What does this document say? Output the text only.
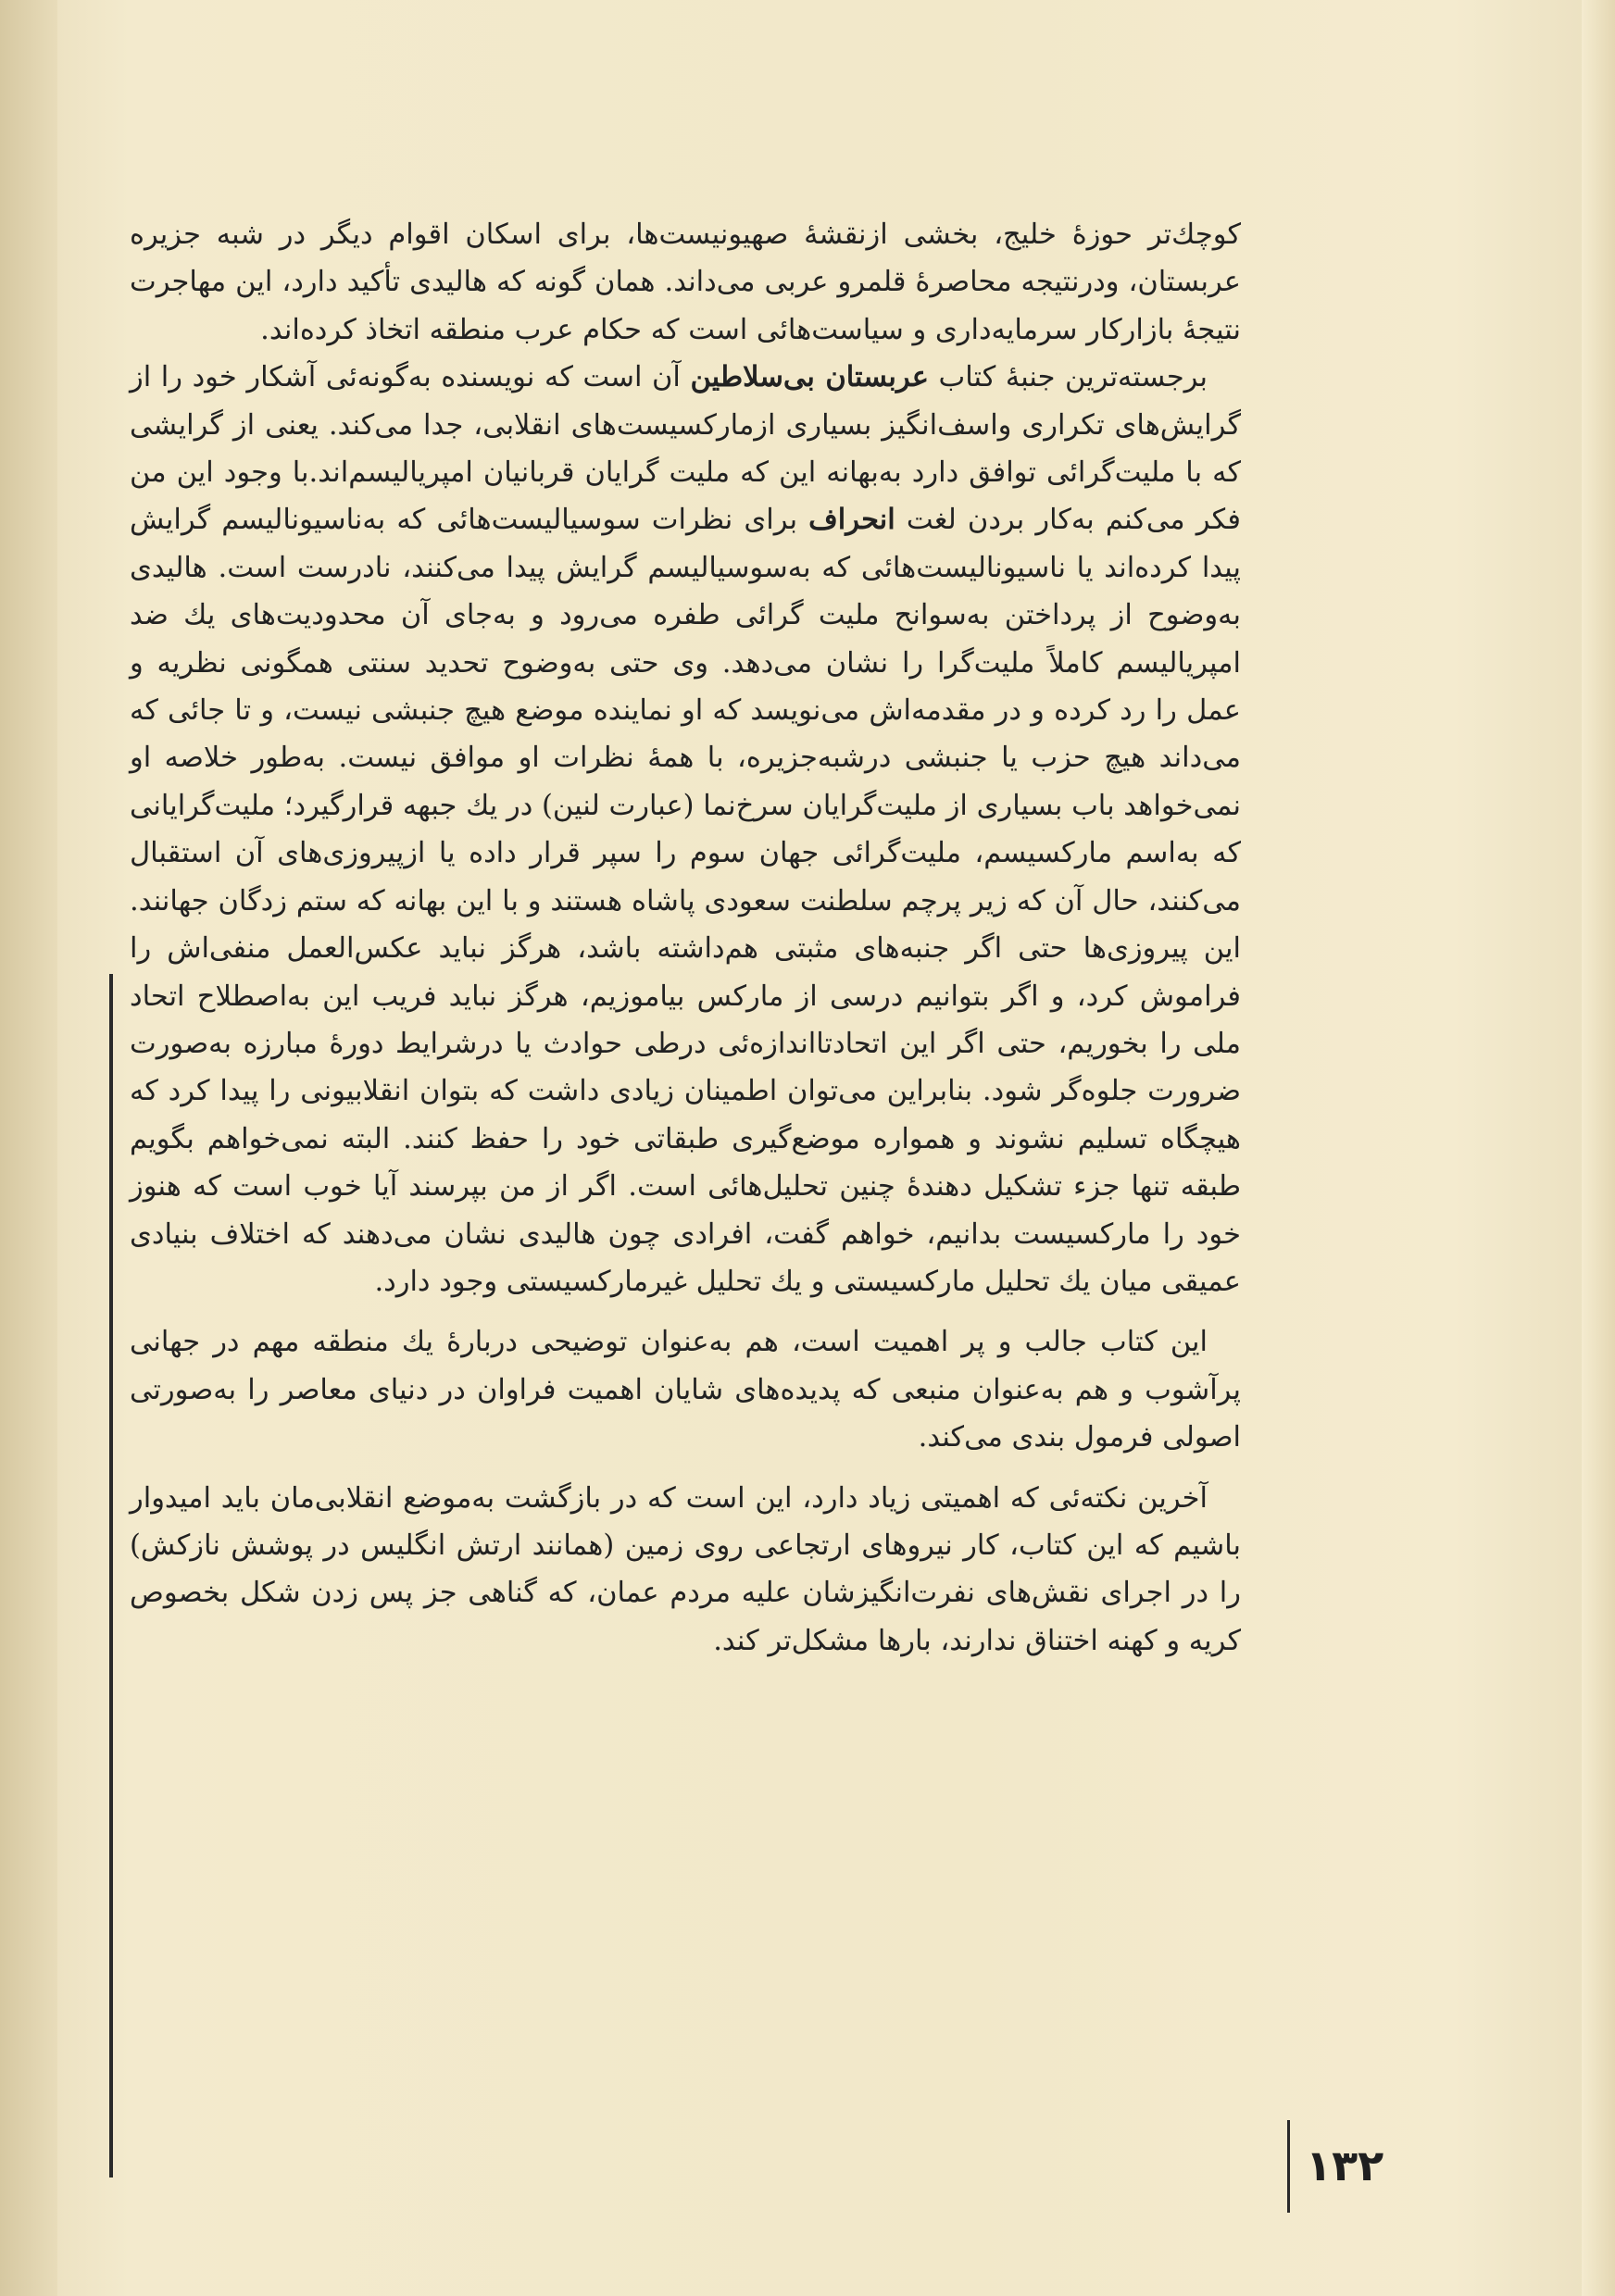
کوچك‌تر حوزهٔ خلیج، بخشی ازنقشهٔ صهیونیست‌ها، برای اسکان اقوام دیگر در شبه جزیره عربستان، ودرنتیجه محاصرهٔ قلمرو عربی می‌داند. همان گونه که هالیدی تأکید دارد، این مهاجرت نتیجهٔ بازارکار سرمایه‌داری و سیاست‌هائی است که حکام عرب منطقه اتخاذ کرده‌اند.

برجسته‌ترین جنبهٔ کتاب عربستان بی‌سلاطین آن است که نویسنده به‌گونه‌ئی آشکار خود را از گرایش‌های تکراری واسف‌انگیز بسیاری ازمارکسیست‌های انقلابی، جدا می‌کند. یعنی از گرایشی که با ملیت‌گرائی توافق دارد به‌بهانه این که ملیت گرایان قربانیان امپریالیسم‌اند.با وجود این من فکر می‌کنم به‌کار بردن لغت انحراف برای نظرات سوسیالیست‌هائی که به‌ناسیونالیسم گرایش پیدا کرده‌اند یا ناسیونالیست‌هائی که به‌سوسیالیسم گرایش پیدا می‌کنند، نادرست است. هالیدی به‌وضوح از پرداختن به‌سوانح ملیت گرائی طفره می‌رود و به‌جای آن محدودیت‌های یك ضد امپریالیسم کاملاً ملیت‌گرا را نشان می‌دهد. وی حتی به‌وضوح تحدید سنتی همگونی نظریه و عمل را رد کرده و در مقدمه‌اش می‌نویسد که او نماینده موضع هیچ جنبشی نیست، و تا جائی که می‌داند هیچ حزب یا جنبشی درشبه‌جزیره، با همهٔ نظرات او موافق نیست. به‌طور خلاصه او نمی‌خواهد باب بسیاری از ملیت‌گرایان سرخ‌نما (عبارت لنین) در یك جبهه قرارگیرد؛ ملیت‌گرایانی که به‌اسم مارکسیسم، ملیت‌گرائی جهان سوم را سپر قرار داده یا ازپیروزی‌های آن استقبال می‌کنند، حال آن که زیر پرچم سلطنت سعودی پاشاه هستند و با این بهانه که ستم زدگان جهانند. این پیروزی‌ها حتی اگر جنبه‌های مثبتی هم‌داشته باشد، هرگز نباید عکس‌العمل منفی‌اش را فراموش کرد، و اگر بتوانیم درسی از مارکس بیاموزیم، هرگز نباید فریب این به‌اصطلاح اتحاد ملی را بخوریم، حتی اگر این اتحادتااندازه‌ئی درطی حوادث یا درشرایط دورهٔ مبارزه به‌صورت ضرورت جلوه‌گر شود. بنابراین می‌توان اطمینان زیادی داشت که بتوان انقلابیونی را پیدا کرد که هیچگاه تسلیم نشوند و همواره موضع‌گیری طبقاتی خود را حفظ کنند. البته نمی‌خواهم بگویم طبقه تنها جزء تشکیل دهندهٔ چنین تحلیل‌هائی است. اگر از من بپرسند آیا خوب است که هنوز خود را مارکسیست بدانیم، خواهم گفت، افرادی چون هالیدی نشان می‌دهند که اختلاف بنیادی عمیقی میان یك تحلیل مارکسیستی و یك تحلیل غیرمارکسیستی وجود دارد.

این کتاب جالب و پر اهمیت است، هم به‌عنوان توضیحی دربارهٔ یك منطقه مهم در جهانی پرآشوب و هم به‌عنوان منبعی که پدیده‌های شایان اهمیت فراوان در دنیای معاصر را به‌صورتی اصولی فرمول بندی می‌کند.

آخرین نکته‌ئی که اهمیتی زیاد دارد، این است که در بازگشت به‌موضع انقلابی‌مان باید امیدوار باشیم که این کتاب، کار نیروهای ارتجاعی روی زمین (همانند ارتش انگلیس در پوشش نازکش) را در اجرای نقش‌های نفرت‌انگیزشان علیه مردم عمان، که گناهی جز پس زدن شکل بخصوص کریه و کهنه اختناق ندارند، بارها مشکل‌تر کند.

۱۳۲
